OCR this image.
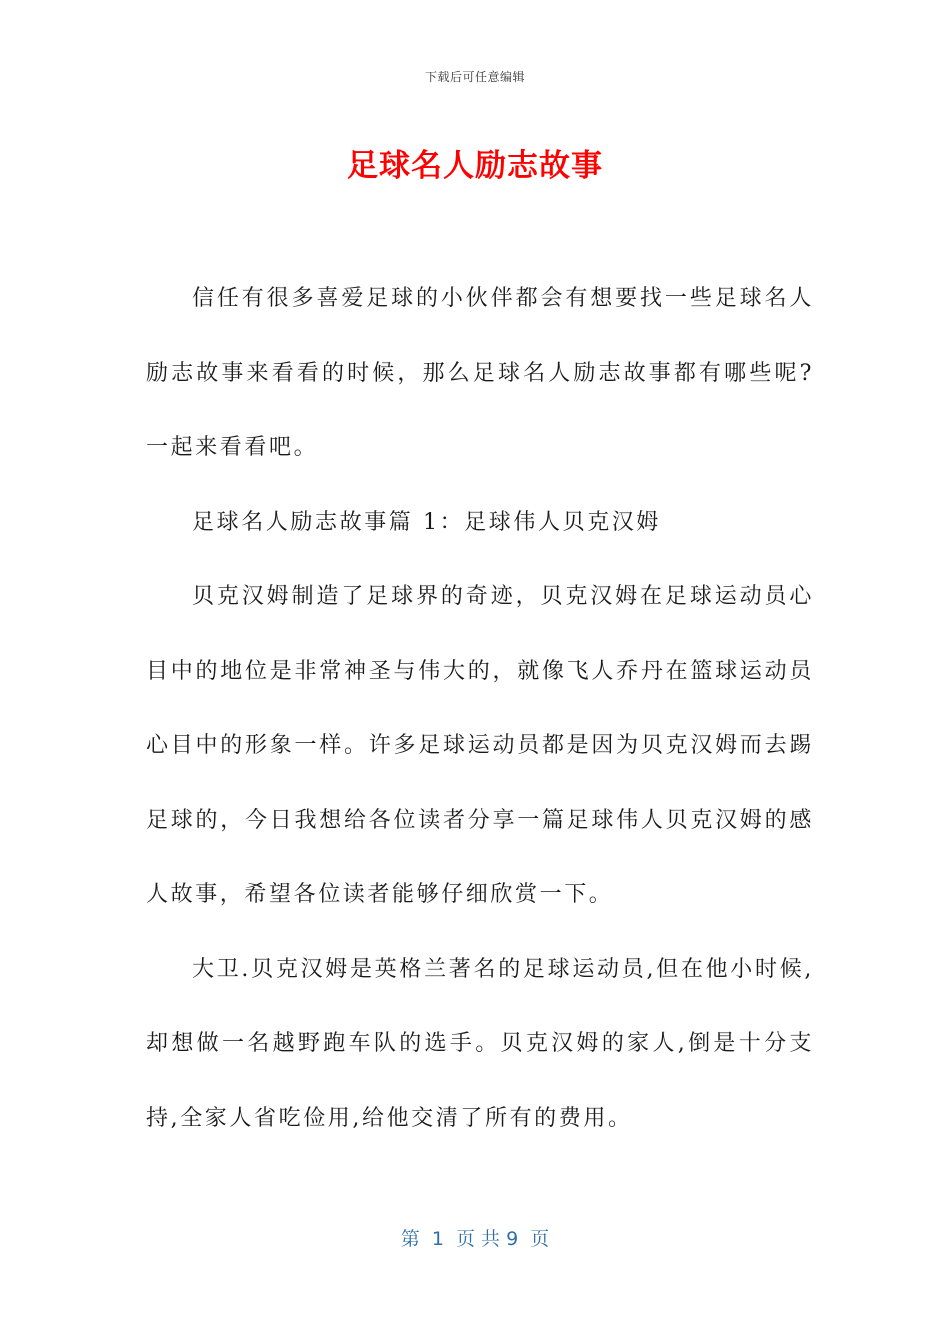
下载后可任意编辑
足球名人励志故事

信任有很多喜爱足球的小伙伴都会有想要找一些足球名人励志故事来看看的时候，那么足球名人励志故事都有哪些呢?一起来看看吧。

足球名人励志故事篇 1：足球伟人贝克汉姆

贝克汉姆制造了足球界的奇迹，贝克汉姆在足球运动员心目中的地位是非常神圣与伟大的，就像飞人乔丹在篮球运动员心目中的形象一样。许多足球运动员都是因为贝克汉姆而去踢足球的，今日我想给各位读者分享一篇足球伟人贝克汉姆的感人故事，希望各位读者能够仔细欣赏一下。

大卫.贝克汉姆是英格兰著名的足球运动员,但在他小时候,却想做一名越野跑车队的选手。贝克汉姆的家人,倒是十分支持,全家人省吃俭用,给他交清了所有的费用。

第  1  页 共 9  页
